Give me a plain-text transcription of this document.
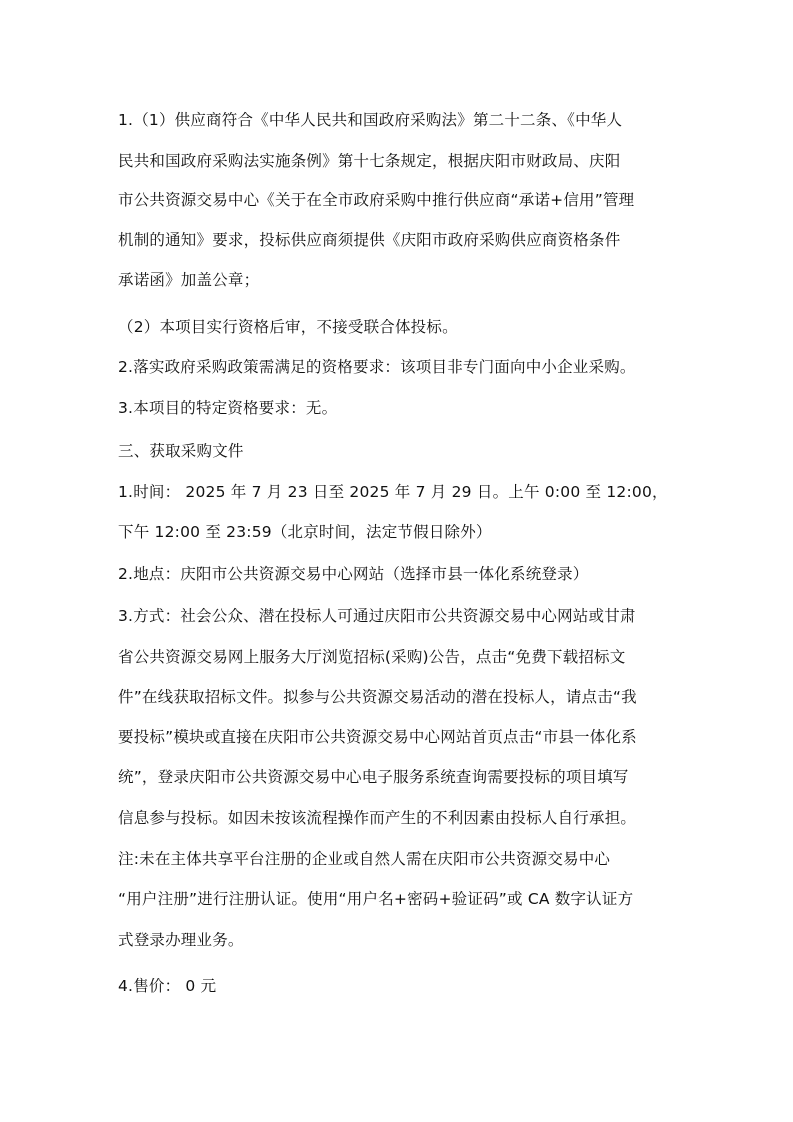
1.（1）供应商符合《中华人民共和国政府采购法》第二十二条、《中华人
民共和国政府采购法实施条例》第十七条规定，根据庆阳市财政局、庆阳
市公共资源交易中心《关于在全市政府采购中推行供应商“承诺+信用”管理
机制的通知》要求，投标供应商须提供《庆阳市政府采购供应商资格条件
承诺函》加盖公章；
（2）本项目实行资格后审，不接受联合体投标。
2.落实政府采购政策需满足的资格要求：该项目非专门面向中小企业采购。
3.本项目的特定资格要求：无。
三、获取采购文件
1.时间： 2025 年 7 月 23 日至 2025 年 7 月 29 日。上午 0:00 至 12:00，
下午 12:00 至 23:59（北京时间，法定节假日除外）
2.地点：庆阳市公共资源交易中心网站（选择市县一体化系统登录）
3.方式：社会公众、潜在投标人可通过庆阳市公共资源交易中心网站或甘肃
省公共资源交易网上服务大厅浏览招标(采购)公告，点击“免费下载招标文
件”在线获取招标文件。拟参与公共资源交易活动的潜在投标人，请点击“我
要投标”模块或直接在庆阳市公共资源交易中心网站首页点击“市县一体化系
统”，登录庆阳市公共资源交易中心电子服务系统查询需要投标的项目填写
信息参与投标。如因未按该流程操作而产生的不利因素由投标人自行承担。
注:未在主体共享平台注册的企业或自然人需在庆阳市公共资源交易中心
“用户注册”进行注册认证。使用“用户名+密码+验证码”或 CA 数字认证方
式登录办理业务。
4.售价： 0 元
